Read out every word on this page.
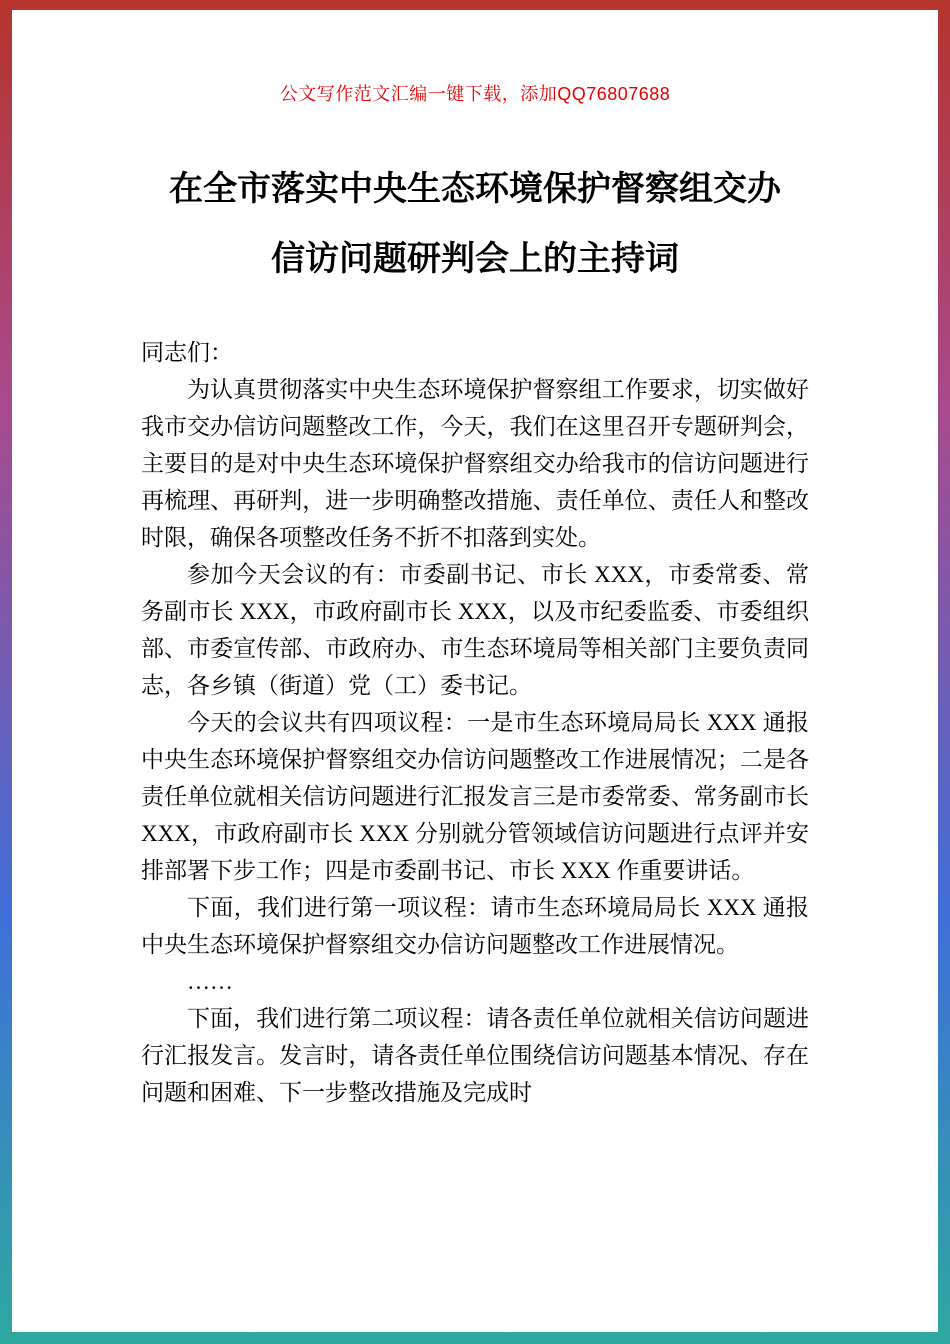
公文写作范文汇编一键下载，添加QQ76807688
在全市落实中央生态环境保护督察组交办
信访问题研判会上的主持词

同志们：

为认真贯彻落实中央生态环境保护督察组工作要求，切实做好我市交办信访问题整改工作，今天，我们在这里召开专题研判会，主要目的是对中央生态环境保护督察组交办给我市的信访问题进行再梳理、再研判，进一步明确整改措施、责任单位、责任人和整改时限，确保各项整改任务不折不扣落到实处。

参加今天会议的有：市委副书记、市长 XXX，市委常委、常务副市长 XXX，市政府副市长 XXX，以及市纪委监委、市委组织部、市委宣传部、市政府办、市生态环境局等相关部门主要负责同志，各乡镇（街道）党（工）委书记。

今天的会议共有四项议程：一是市生态环境局局长 XXX 通报中央生态环境保护督察组交办信访问题整改工作进展情况；二是各责任单位就相关信访问题进行汇报发言三是市委常委、常务副市长 XXX，市政府副市长 XXX 分别就分管领域信访问题进行点评并安排部署下步工作；四是市委副书记、市长 XXX 作重要讲话。

下面，我们进行第一项议程：请市生态环境局局长 XXX 通报中央生态环境保护督察组交办信访问题整改工作进展情况。

……

下面，我们进行第二项议程：请各责任单位就相关信访问题进行汇报发言。发言时，请各责任单位围绕信访问题基本情况、存在问题和困难、下一步整改措施及完成时
